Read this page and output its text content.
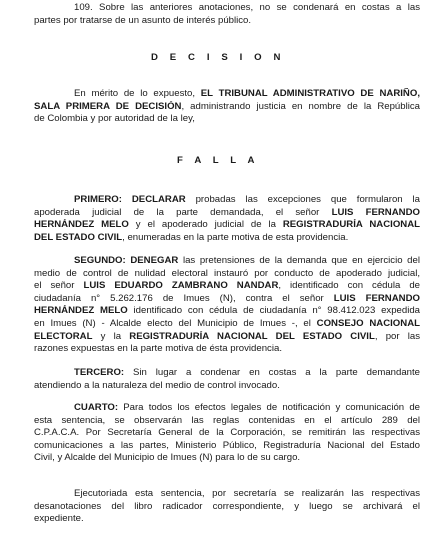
109. Sobre las anteriores anotaciones, no se condenará en costas a las
partes por tratarse de un asunto de interés público.
D E C I S I O N
En mérito de lo expuesto, EL TRIBUNAL ADMINISTRATIVO DE NARIÑO,
SALA PRIMERA DE DECISIÓN, administrando justicia en nombre de la República
de Colombia y por autoridad de la ley,
F A L L A
PRIMERO: DECLARAR probadas las excepciones que formularon la
apoderada judicial de la parte demandada, el señor LUIS FERNANDO
HERNÁNDEZ MELO y el apoderado judicial de la REGISTRADURÍA NACIONAL
DEL ESTADO CIVIL, enumeradas en la parte motiva de esta providencia.
SEGUNDO: DENEGAR las pretensiones de la demanda que en ejercicio del
medio de control de nulidad electoral instauró por conducto de apoderado judicial,
el señor LUIS EDUARDO ZAMBRANO NANDAR, identificado con cédula de
ciudadanía n° 5.262.176 de Imues (N), contra el señor LUIS FERNANDO
HERNÁNDEZ MELO identificado con cédula de ciudadanía n° 98.412.023 expedida
en Imues (N) - Alcalde electo del Municipio de Imues -, el CONSEJO NACIONAL
ELECTORAL y la REGISTRADURÍA NACIONAL DEL ESTADO CIVIL, por las
razones expuestas en la parte motiva de ésta providencia.
TERCERO: Sin lugar a condenar en costas a la parte demandante
atendiendo a la naturaleza del medio de control invocado.
CUARTO: Para todos los efectos legales de notificación y comunicación de
esta sentencia, se observarán las reglas contenidas en el artículo 289 del
C.P.A.C.A. Por Secretaría General de la Corporación, se remitirán las respectivas
comunicaciones a las partes, Ministerio Público, Registraduría Nacional del Estado
Civil, y Alcalde del Municipio de Imues (N) para lo de su cargo.
Ejecutoriada esta sentencia, por secretaría se realizarán las respectivas
desanotaciones del libro radicador correspondiente, y luego se archivará el
expediente.
